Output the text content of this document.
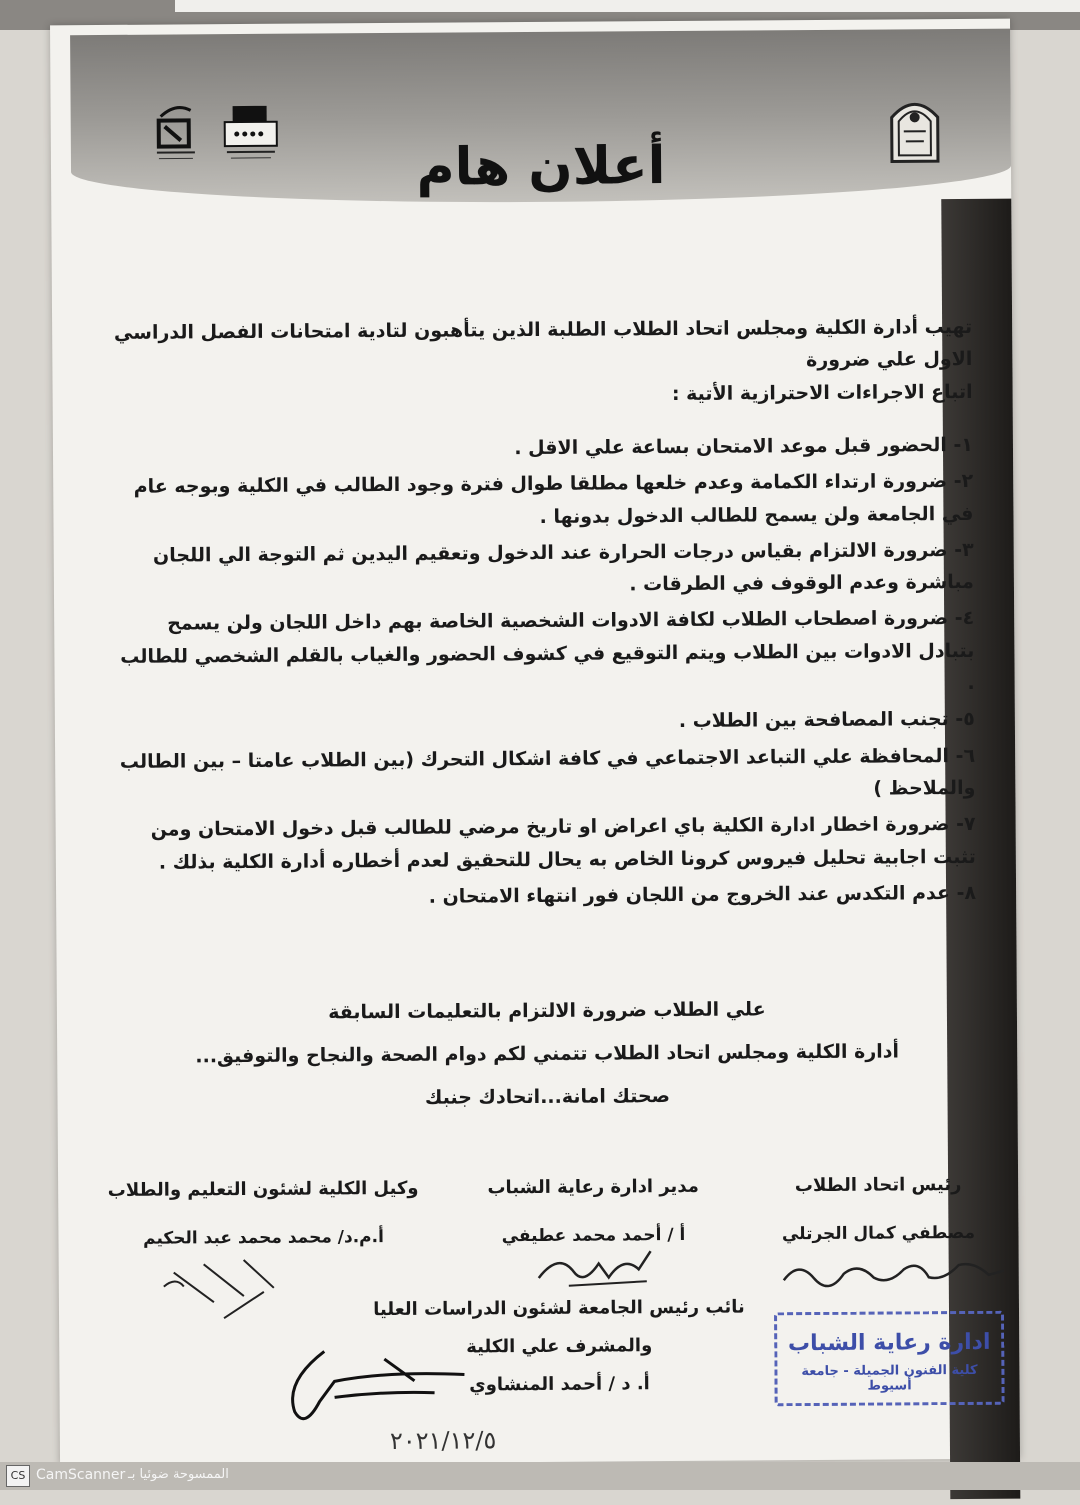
أعلان هام
تهيب أدارة الكلية ومجلس اتحاد الطلاب الطلبة الذين يتأهبون لتادية امتحانات الفصل الدراسي الاول علي ضرورة
اتباع الاجراءات الاحترازية الأتية :
١- الحضور قبل موعد الامتحان بساعة علي الاقل .
٢- ضرورة ارتداء الكمامة وعدم خلعها مطلقا طوال فترة وجود الطالب في الكلية وبوجه عام في الجامعة ولن يسمح للطالب الدخول بدونها .
٣- ضرورة الالتزام بقياس درجات الحرارة عند الدخول وتعقيم اليدين ثم التوجة الي اللجان مباشرة وعدم الوقوف في الطرقات .
٤- ضرورة اصطحاب الطلاب لكافة الادوات الشخصية الخاصة بهم داخل اللجان ولن يسمح بتبادل الادوات بين الطلاب ويتم التوقيع في كشوف الحضور والغياب بالقلم الشخصي للطالب .
٥- تجنب المصافحة بين الطلاب .
٦- المحافظة علي التباعد الاجتماعي في كافة اشكال التحرك (بين الطلاب عامتا – بين الطالب والملاحظ )
٧- ضرورة اخطار ادارة الكلية باي اعراض او تاريخ مرضي للطالب قبل دخول الامتحان ومن تثبت اجابية تحليل فيروس كرونا الخاص به يحال للتحقيق لعدم أخطاره أدارة الكلية بذلك .
٨- عدم التكدس عند الخروج من اللجان فور انتهاء الامتحان .
علي الطلاب ضرورة الالتزام بالتعليمات السابقة
أدارة الكلية ومجلس اتحاد الطلاب تتمني لكم دوام الصحة والنجاح والتوفيق...
صحتك امانة...اتحادك جنبك
رئيس اتحاد الطلاب
مصطفي كمال الجرتلي
مدير ادارة رعاية الشباب
أ / أحمد محمد عطيفي
وكيل الكلية لشئون التعليم والطلاب
أ.م.د/ محمد محمد عبد الحكيم
ادارة رعاية الشباب
كلية الفنون الجميلة - جامعة أسيوط
نائب رئيس الجامعة لشئون الدراسات العليا
والمشرف علي الكلية
أ. د / أحمد المنشاوي
٢٠٢١/١٢/٥
CS CamScanner الممسوحة ضوئيا بـ
